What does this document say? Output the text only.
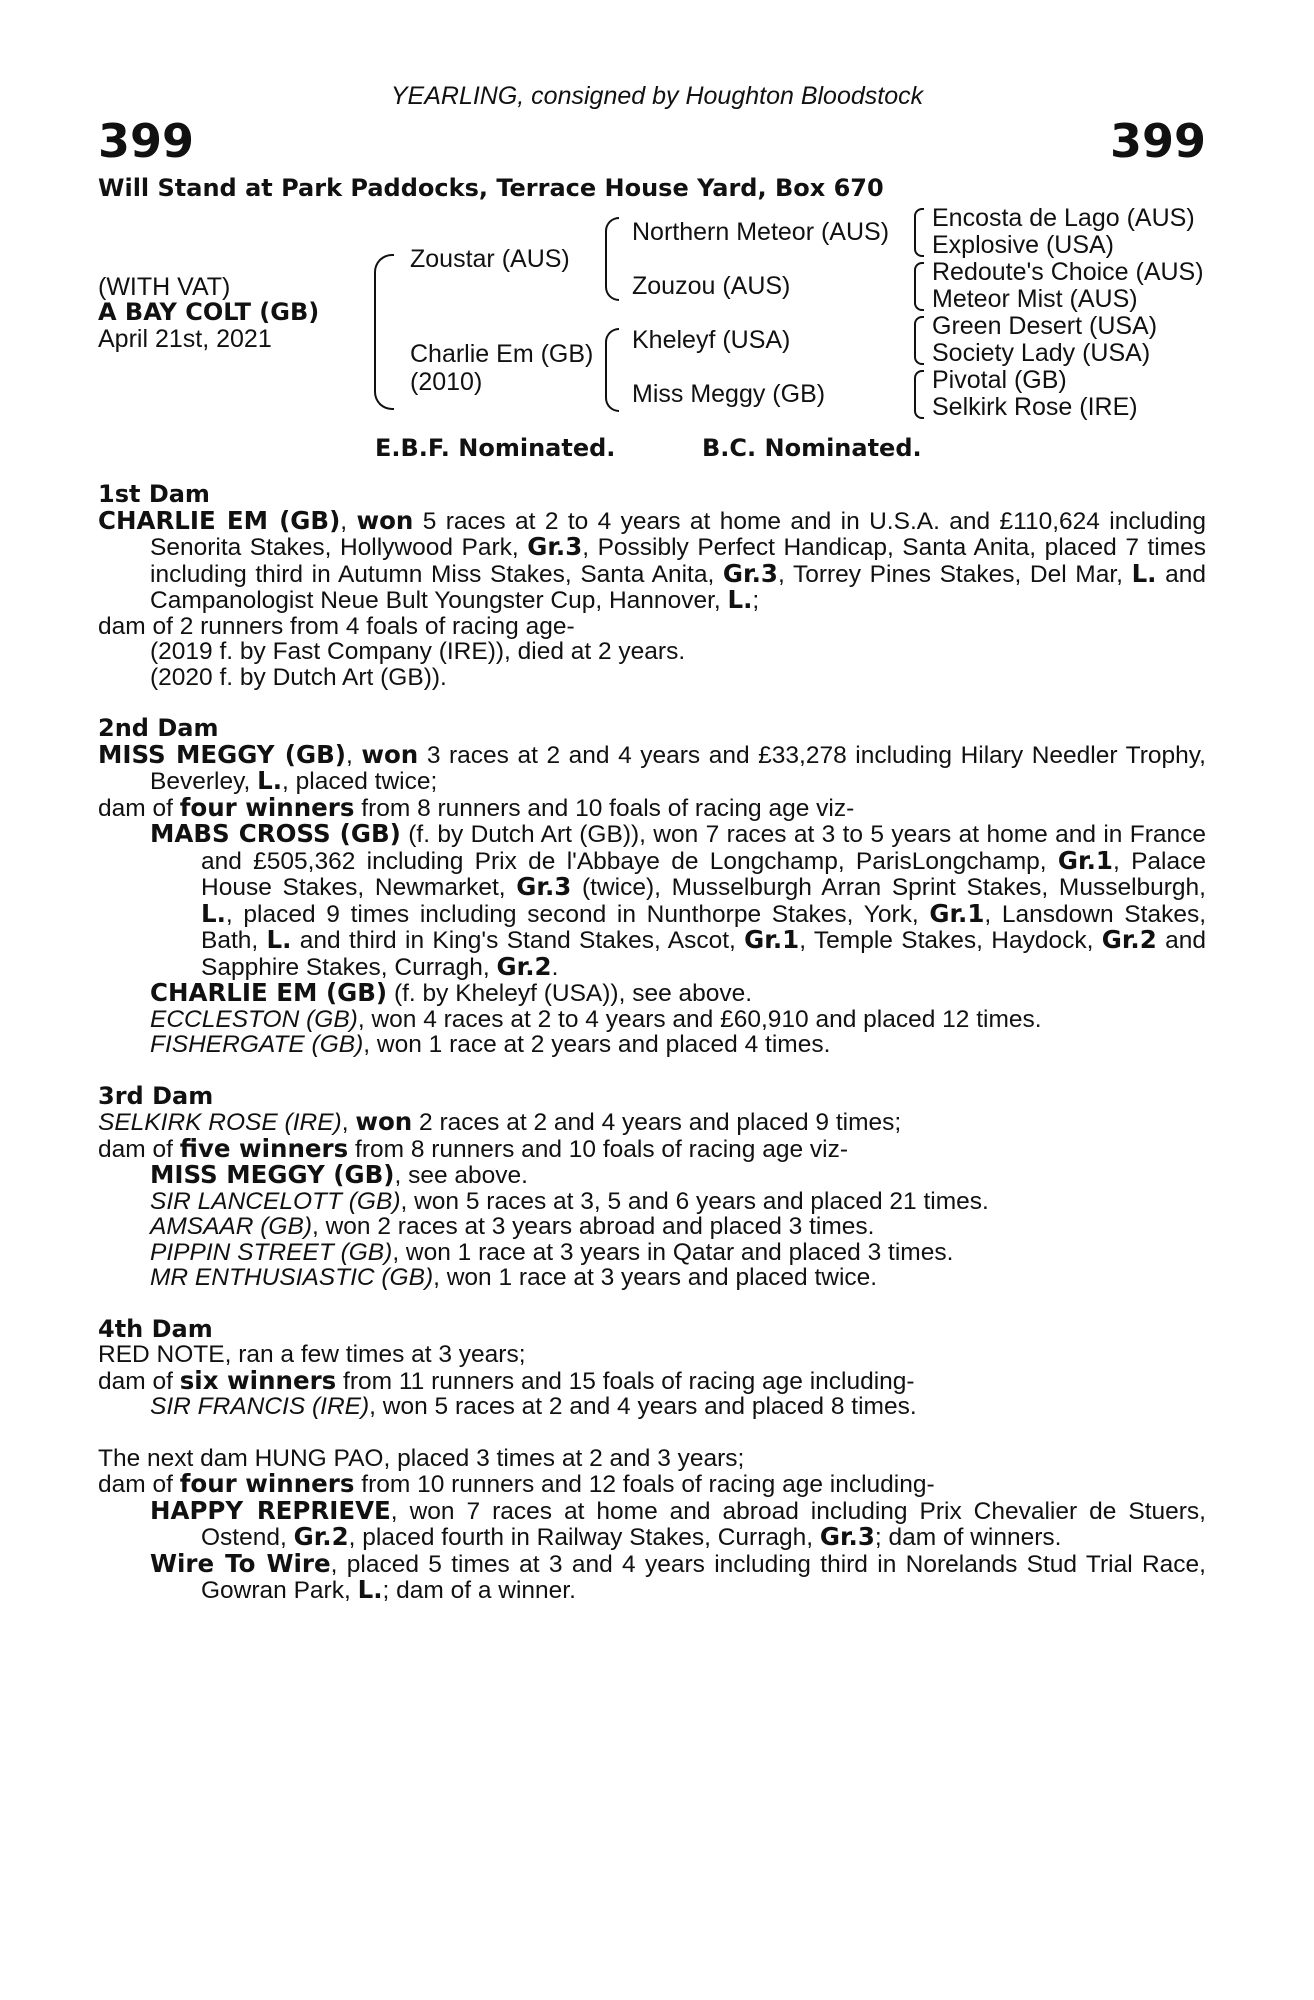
YEARLING, consigned by Houghton Bloodstock
399	399
Will Stand at Park Paddocks, Terrace House Yard, Box 670
(WITH VAT)
A BAY COLT (GB)
April 21st, 2021
Zoustar (AUS)
Charlie Em (GB)
(2010)
Northern Meteor (AUS)
Zouzou (AUS)
Kheleyf (USA)
Miss Meggy (GB)
Encosta de Lago (AUS)
Explosive (USA)
Redoute's Choice (AUS)
Meteor Mist (AUS)
Green Desert (USA)
Society Lady (USA)
Pivotal (GB)
Selkirk Rose (IRE)
E.B.F. Nominated.	B.C. Nominated.
1st Dam
CHARLIE EM (GB), won 5 races at 2 to 4 years at home and in U.S.A. and £110,624 including Senorita Stakes, Hollywood Park, Gr.3, Possibly Perfect Handicap, Santa Anita, placed 7 times including third in Autumn Miss Stakes, Santa Anita, Gr.3, Torrey Pines Stakes, Del Mar, L. and Campanologist Neue Bult Youngster Cup, Hannover, L.;
dam of 2 runners from 4 foals of racing age-
(2019 f. by Fast Company (IRE)), died at 2 years.
(2020 f. by Dutch Art (GB)).
2nd Dam
MISS MEGGY (GB), won 3 races at 2 and 4 years and £33,278 including Hilary Needler Trophy, Beverley, L., placed twice;
dam of four winners from 8 runners and 10 foals of racing age viz-
MABS CROSS (GB) (f. by Dutch Art (GB)), won 7 races at 3 to 5 years at home and in France and £505,362 including Prix de l'Abbaye de Longchamp, ParisLongchamp, Gr.1, Palace House Stakes, Newmarket, Gr.3 (twice), Musselburgh Arran Sprint Stakes, Musselburgh, L., placed 9 times including second in Nunthorpe Stakes, York, Gr.1, Lansdown Stakes, Bath, L. and third in King's Stand Stakes, Ascot, Gr.1, Temple Stakes, Haydock, Gr.2 and Sapphire Stakes, Curragh, Gr.2.
CHARLIE EM (GB) (f. by Kheleyf (USA)), see above.
ECCLESTON (GB), won 4 races at 2 to 4 years and £60,910 and placed 12 times.
FISHERGATE (GB), won 1 race at 2 years and placed 4 times.
3rd Dam
SELKIRK ROSE (IRE), won 2 races at 2 and 4 years and placed 9 times;
dam of five winners from 8 runners and 10 foals of racing age viz-
MISS MEGGY (GB), see above.
SIR LANCELOTT (GB), won 5 races at 3, 5 and 6 years and placed 21 times.
AMSAAR (GB), won 2 races at 3 years abroad and placed 3 times.
PIPPIN STREET (GB), won 1 race at 3 years in Qatar and placed 3 times.
MR ENTHUSIASTIC (GB), won 1 race at 3 years and placed twice.
4th Dam
RED NOTE, ran a few times at 3 years;
dam of six winners from 11 runners and 15 foals of racing age including-
SIR FRANCIS (IRE), won 5 races at 2 and 4 years and placed 8 times.
The next dam HUNG PAO, placed 3 times at 2 and 3 years;
dam of four winners from 10 runners and 12 foals of racing age including-
HAPPY REPRIEVE, won 7 races at home and abroad including Prix Chevalier de Stuers, Ostend, Gr.2, placed fourth in Railway Stakes, Curragh, Gr.3; dam of winners.
Wire To Wire, placed 5 times at 3 and 4 years including third in Norelands Stud Trial Race, Gowran Park, L.; dam of a winner.
